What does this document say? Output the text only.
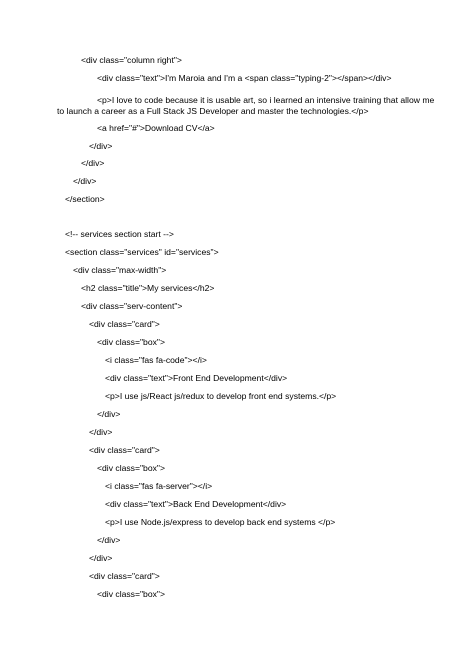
<div class="column right">
<div class="text">I'm Maroia and I'm a <span class="typing-2"></span></div>
<p>I love to code because it is usable art, so i learned an intensive training that allow me
to launch a career as a Full Stack JS Developer and master the technologies.</p>
<a href="#">Download CV</a>
</div>
</div>
</div>
</section>
<!-- services section start -->
<section class="services" id="services">
<div class="max-width">
<h2 class="title">My services</h2>
<div class="serv-content">
<div class="card">
<div class="box">
<i class="fas fa-code"></i>
<div class="text">Front End Development</div>
<p>I use js/React js/redux to develop front end systems.</p>
</div>
</div>
<div class="card">
<div class="box">
<i class="fas fa-server"></i>
<div class="text">Back End Development</div>
<p>I use Node.js/express to develop back end systems </p>
</div>
</div>
<div class="card">
<div class="box">
